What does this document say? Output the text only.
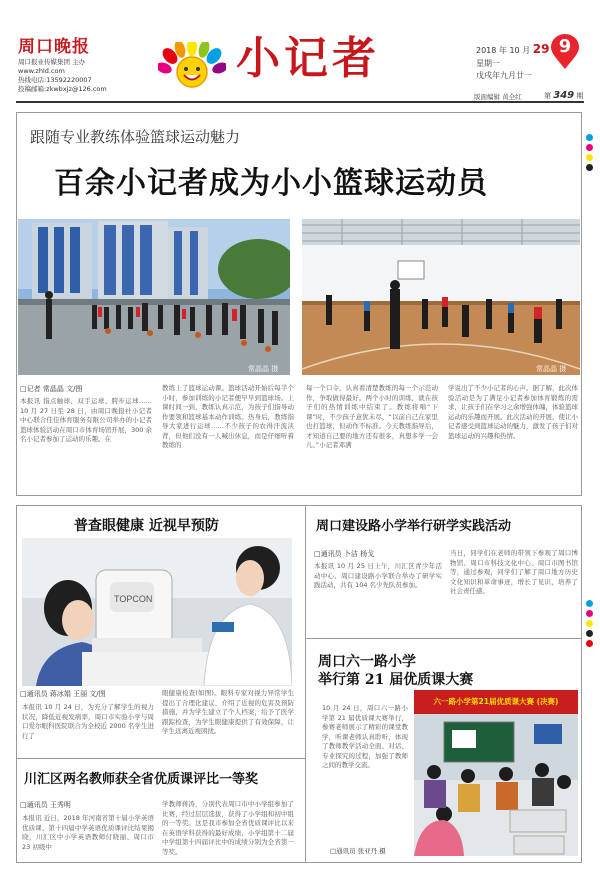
周口晚报
周口报业传媒集团 主办
www.zhld.com
热线电话:13592220007
投稿邮箱:zkwbxjz@126.com
小记者	2018 年 10 月 29
星期一
戊戌年九月廿一
9
版面编辑 黄全红	第 349 期
跟随专业教练体验篮球运动魅力
百余小记者成为小小篮球运动员
常晶晶 摄	常晶晶 摄
□记者 常晶晶 文/图
本报讯 指点触球、双手运球、胯步运球……10 月 27 日至 28 日，由周口晚报社小记者中心联合佳佳体育服务有限公司举办的小记者篮球体验活动在周口市体育场馆开展，300 余名小记者参加了运动的乐趣。在
教练上了篮球运动课。篮球活动开始后每半个小时，参加训练的小记者便早早到篮球场。上课时间一到，教练认真示范，为孩子们指导动作要领和篮球基本动作训练。热身后，教练指导大家进行运球……不少孩子的农得汗流浃背，但他们没有一人喊出休息，而是仔细听着教练的
每一个口令，认真看清楚教练的每一个示范动作，争取做得最好。两个小时的训练，就在孩子们的热情训练中结束了。教练将唱“下课”时，不少孩子意犹未尽，“以前自己在家里也打篮球，但动作不标准。今天教练指导后，才知道自己要的地方还有很多，真想多学一会儿。”小记者邓满
学说出了不少小记者的心声。据了解，此次体验活动是为了满足小记者参加体育锻炼的需求，让孩子们在学习之余增强体魄，体验篮球运动的乐趣而开展。此次活动的开展，使让小记者感受到篮球运动的魅力，激发了孩子们对篮球运动的兴趣和热情。
普查眼健康 近视早预防
TOPCON
□通讯员 蒋冰娟 王丽 文/图
本报讯 10 月 24 日，为充分了解学生的视力状况，降低近视发病率，周口市实验小学与周口爱尔眼科医院联合为全校近 2000 名学生进行了
眼健康检查(如图)。眼科专家对视力异常学生提出了合理化建议，介绍了近视的危害及预防措施，并为学生建立了个人档案，给予了医学跟踪检查，为学生眼健康提供了有效保障，让学生远离近视困扰。
川汇区两名教师获全省优质课评比一等奖
□通讯员 王秀明
本报讯 近日，2018 年河南省第十届小学英语优质课、第十四届中学英语优质课评比结果揭晓，川汇区中小学英语教师付晓丽、周口市 23 初级中
学教师蒋涛，分别代表周口市中小学组参加了比赛，经过层层选拔，获得了小学组和初中组的一等奖。这是我市参加全省优质课评比以来在英语学科获得的最好成绩，小学组第十二届中学组第十四届评比中的成绩分别为全省第一等奖。
周口建设路小学举行研学实践活动
□通讯员 卜洁 杨戈
本报讯 10 月 25 日上午，川汇区青少年活动中心、周口建设路小学联合举办了研学实践活动，共有 104 名少先队员参加。
当日，同学们在老师的带领下参观了周口博物馆、周口市科技文化中心、周口市图书馆等，通过参观，同学们了解了周口地方历史文化知识和革命事迹，增长了见识，培养了社会责任感。
周口六一路小学
举行第 21 届优质课大赛
六一路小学第21届优质课大赛 (决赛)
10 月 24 日，周口六一路小学第 21 届优质课大赛举行，参赛老师展示了精彩的课堂教学，听课老师认真聆听，体现了教师教学活动全面、对话、专业探究的过程，加强了教师之间的教学交流。
□通讯员 张亚丹 摄
